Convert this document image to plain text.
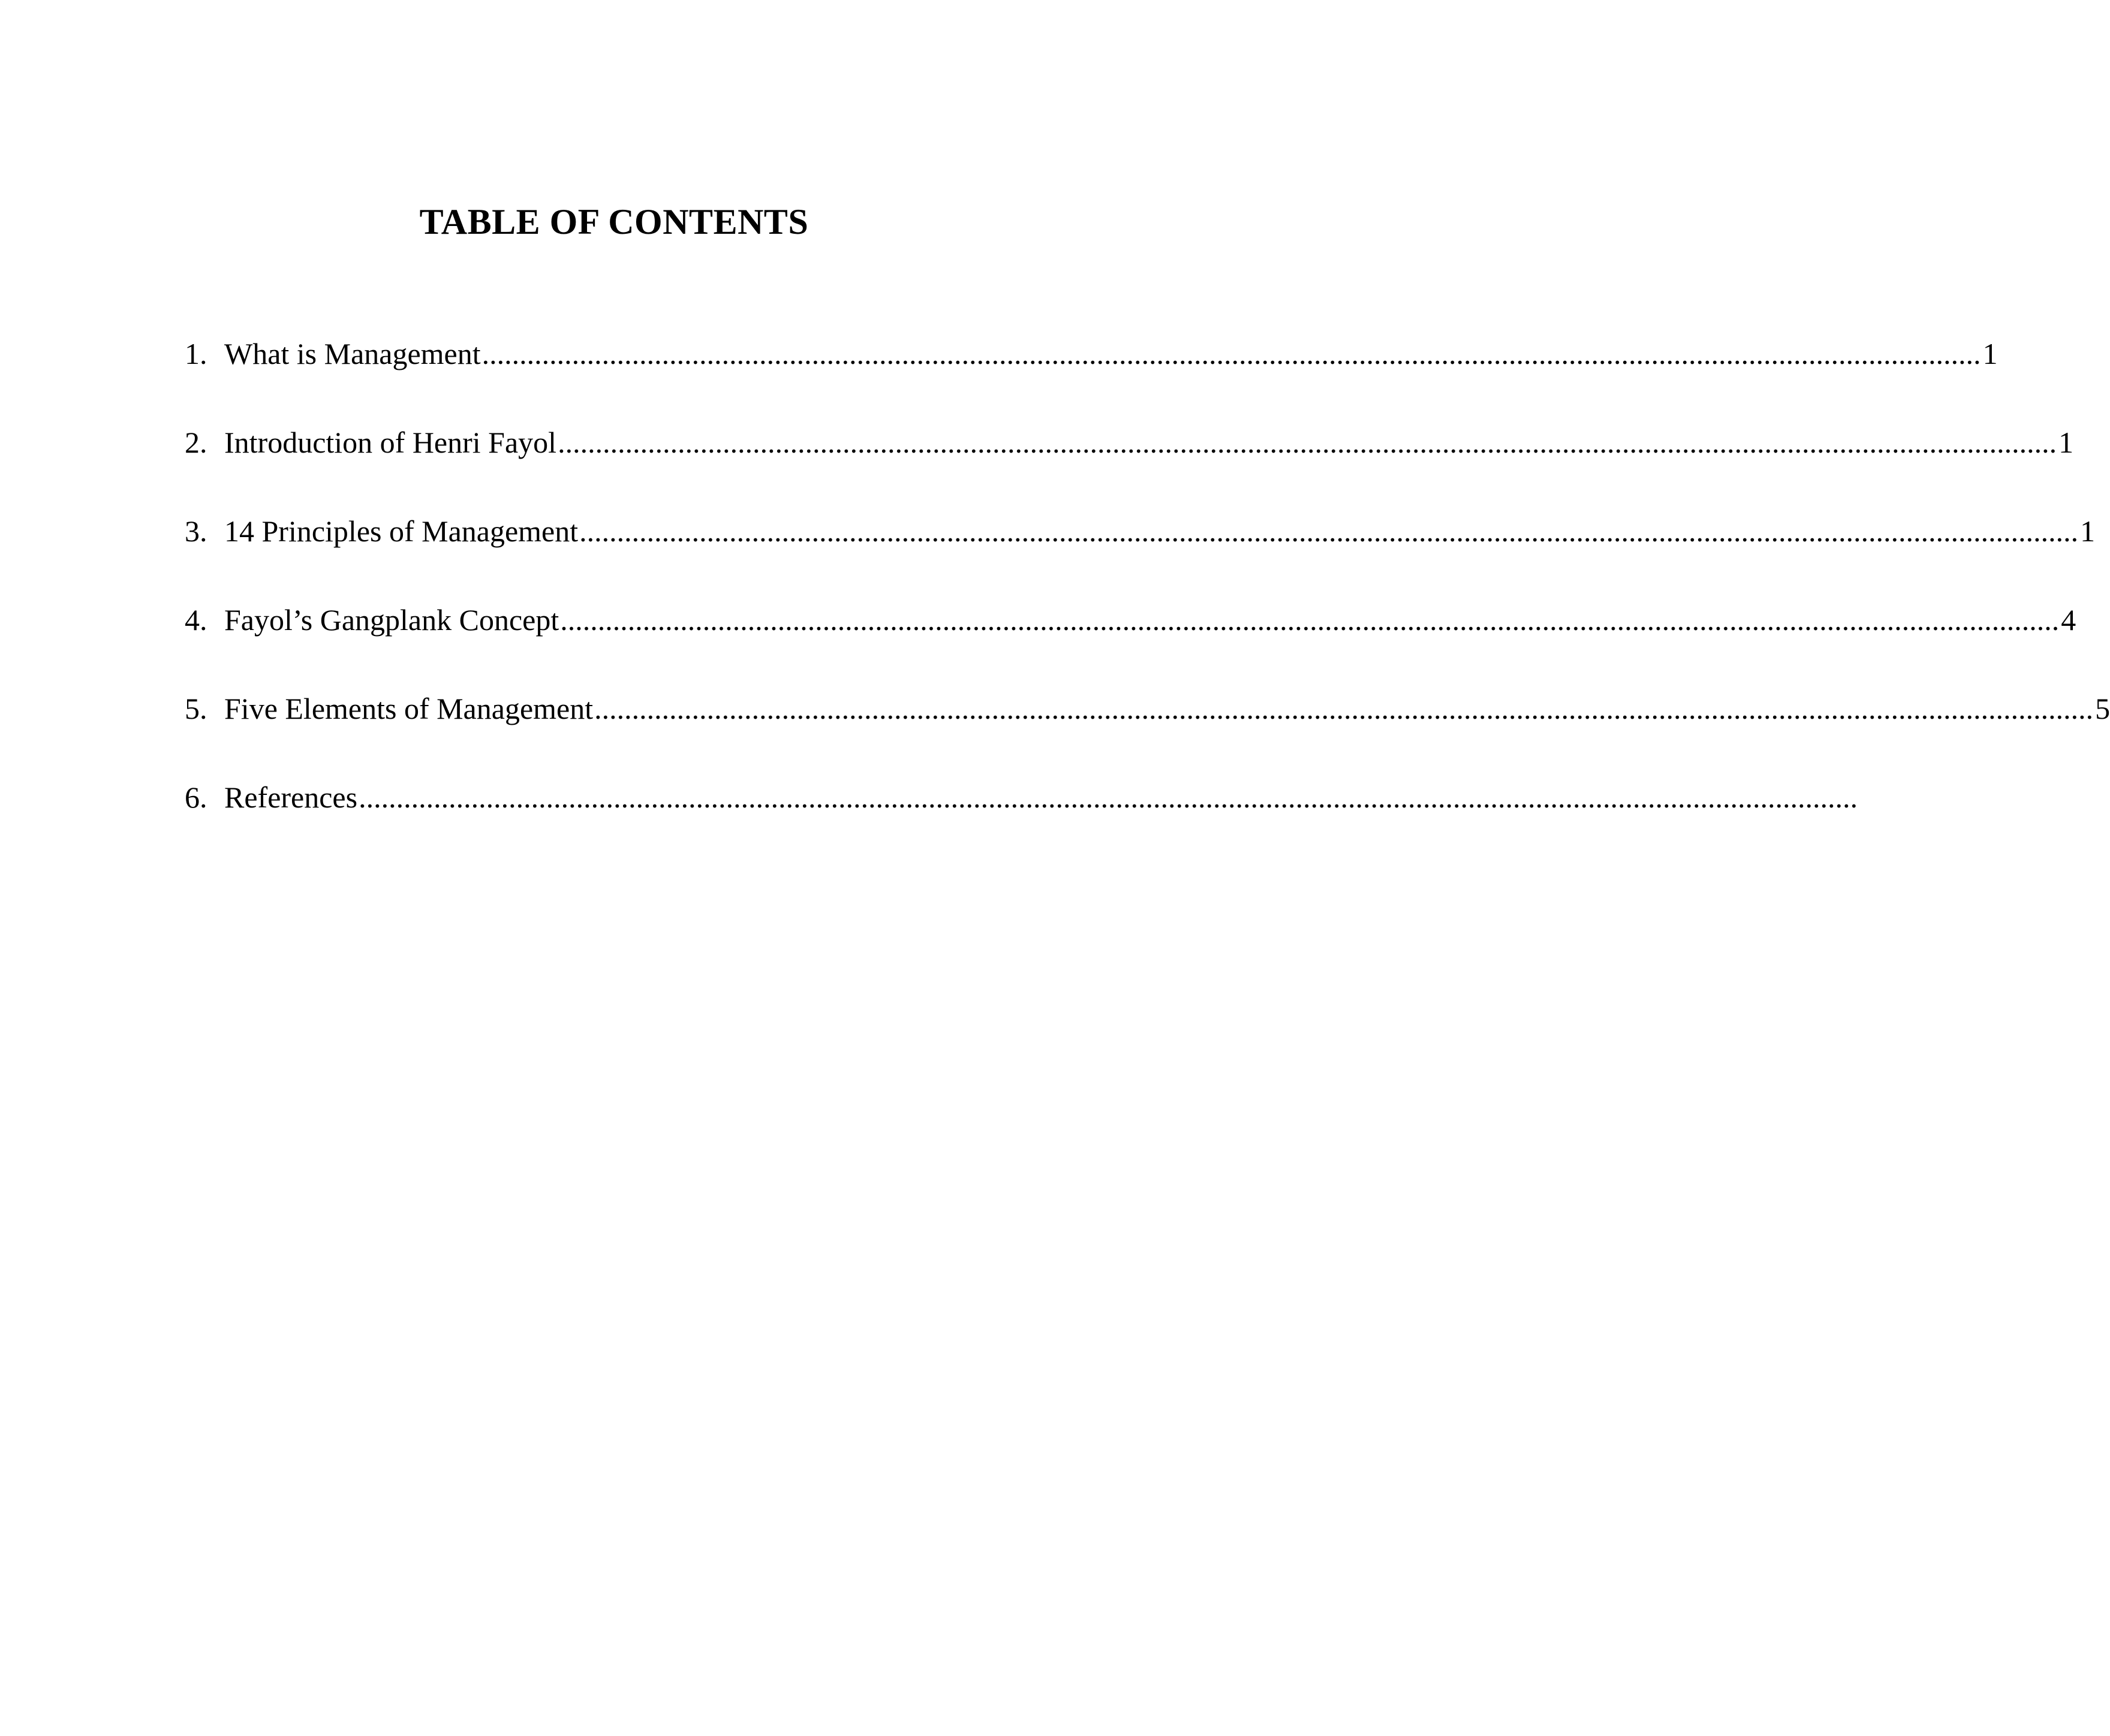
TABLE OF CONTENTS
1. What is Management ........................................................................................................................................................................................................ 1
2. Introduction of Henri Fayol ........................................................................................................................................................................................................ 1
3. 14 Principles of Management ........................................................................................................................................................................................................ 1
4. Fayol’s Gangplank Concept ........................................................................................................................................................................................................ 4
5. Five Elements of Management ........................................................................................................................................................................................................ 5
6. References ........................................................................................................................................................................................................
